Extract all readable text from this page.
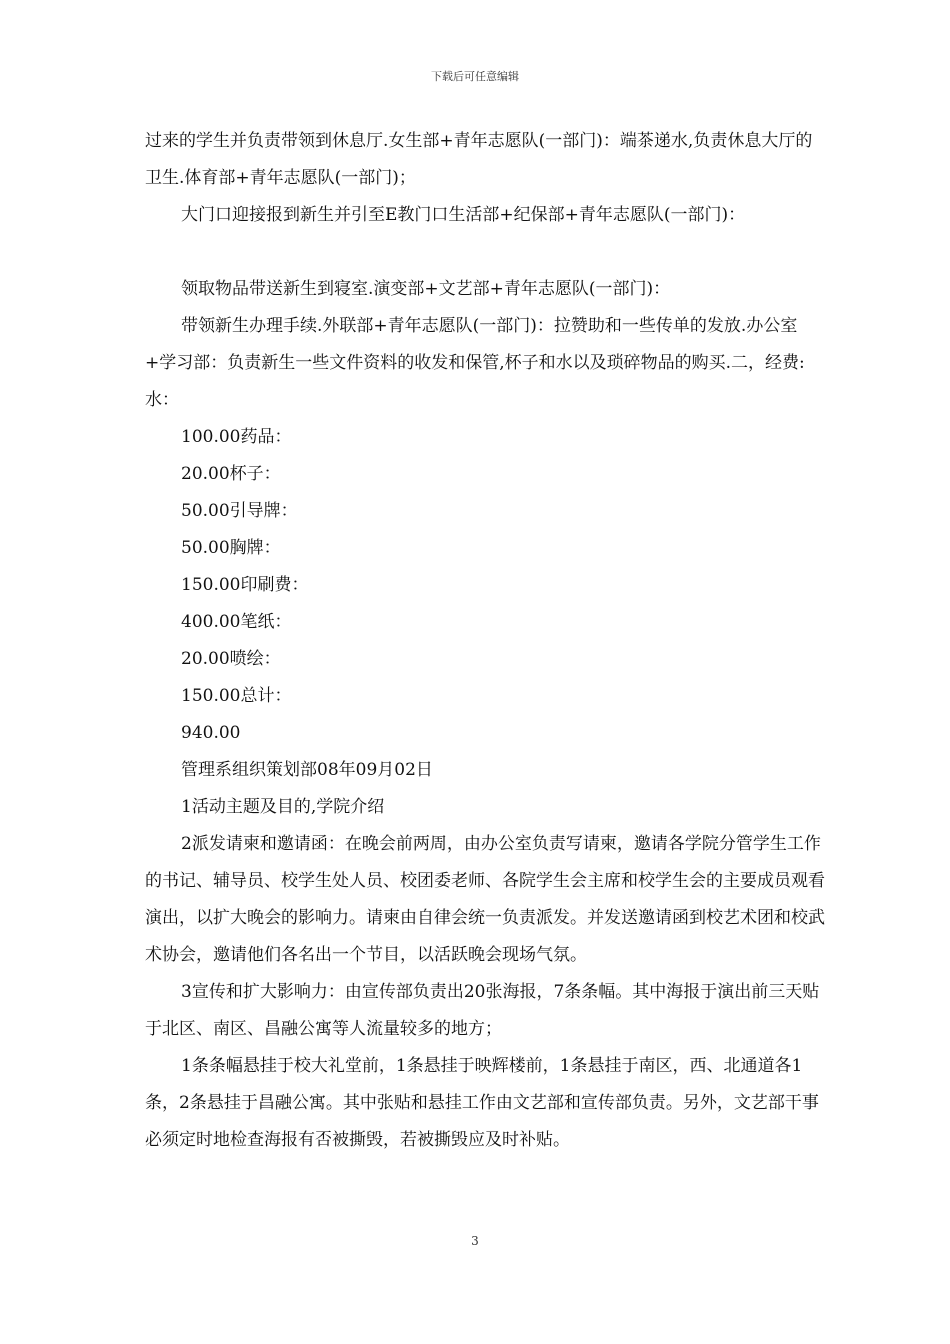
下载后可任意编辑

过来的学生并负责带领到休息厅.女生部+青年志愿队(一部门)：端茶递水,负责休息大厅的卫生.体育部+青年志愿队(一部门)；

大门口迎接报到新生并引至E教门口生活部+纪保部+青年志愿队(一部门)：

领取物品带送新生到寝室.演变部+文艺部+青年志愿队(一部门)：

带领新生办理手续.外联部+青年志愿队(一部门)：拉赞助和一些传单的发放.办公室+学习部：负责新生一些文件资料的收发和保管,杯子和水以及琐碎物品的购买.二，经费:水：

100.00药品：

20.00杯子：

50.00引导牌：

50.00胸牌：

150.00印刷费：

400.00笔纸：

20.00喷绘：

150.00总计：

940.00

管理系组织策划部08年09月02日

1活动主题及目的,学院介绍

2派发请柬和邀请函：在晚会前两周，由办公室负责写请柬，邀请各学院分管学生工作的书记、辅导员、校学生处人员、校团委老师、各院学生会主席和校学生会的主要成员观看演出，以扩大晚会的影响力。请柬由自律会统一负责派发。并发送邀请函到校艺术团和校武术协会，邀请他们各名出一个节目，以活跃晚会现场气氛。

3宣传和扩大影响力：由宣传部负责出20张海报，7条条幅。其中海报于演出前三天贴于北区、南区、昌融公寓等人流量较多的地方；

1条条幅悬挂于校大礼堂前，1条悬挂于映辉楼前，1条悬挂于南区，西、北通道各1条，2条悬挂于昌融公寓。其中张贴和悬挂工作由文艺部和宣传部负责。另外，文艺部干事必须定时地检查海报有否被撕毁，若被撕毁应及时补贴。

3
